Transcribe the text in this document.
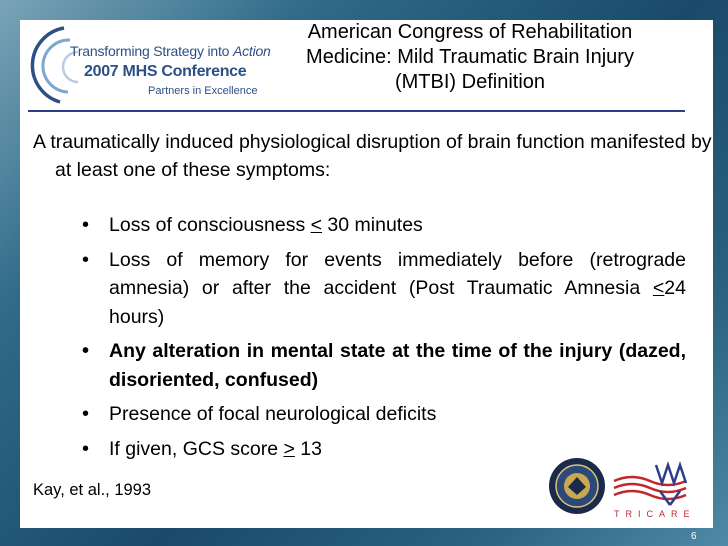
Transforming Strategy into Action
2007 MHS Conference
Partners in Excellence
American Congress of Rehabilitation
Medicine: Mild Traumatic Brain Injury
(MTBI) Definition
A traumatically induced physiological disruption of brain function manifested by at least one of these symptoms:
• Loss of consciousness ≤ 30 minutes
• Loss of memory for events immediately before (retrograde amnesia) or after the accident (Post Traumatic Amnesia ≤24 hours)
• Any alteration in mental state at the time of the injury (dazed, disoriented, confused)
• Presence of focal neurological deficits
• If given, GCS score ≥ 13
Kay, et al., 1993
TRICARE
6
